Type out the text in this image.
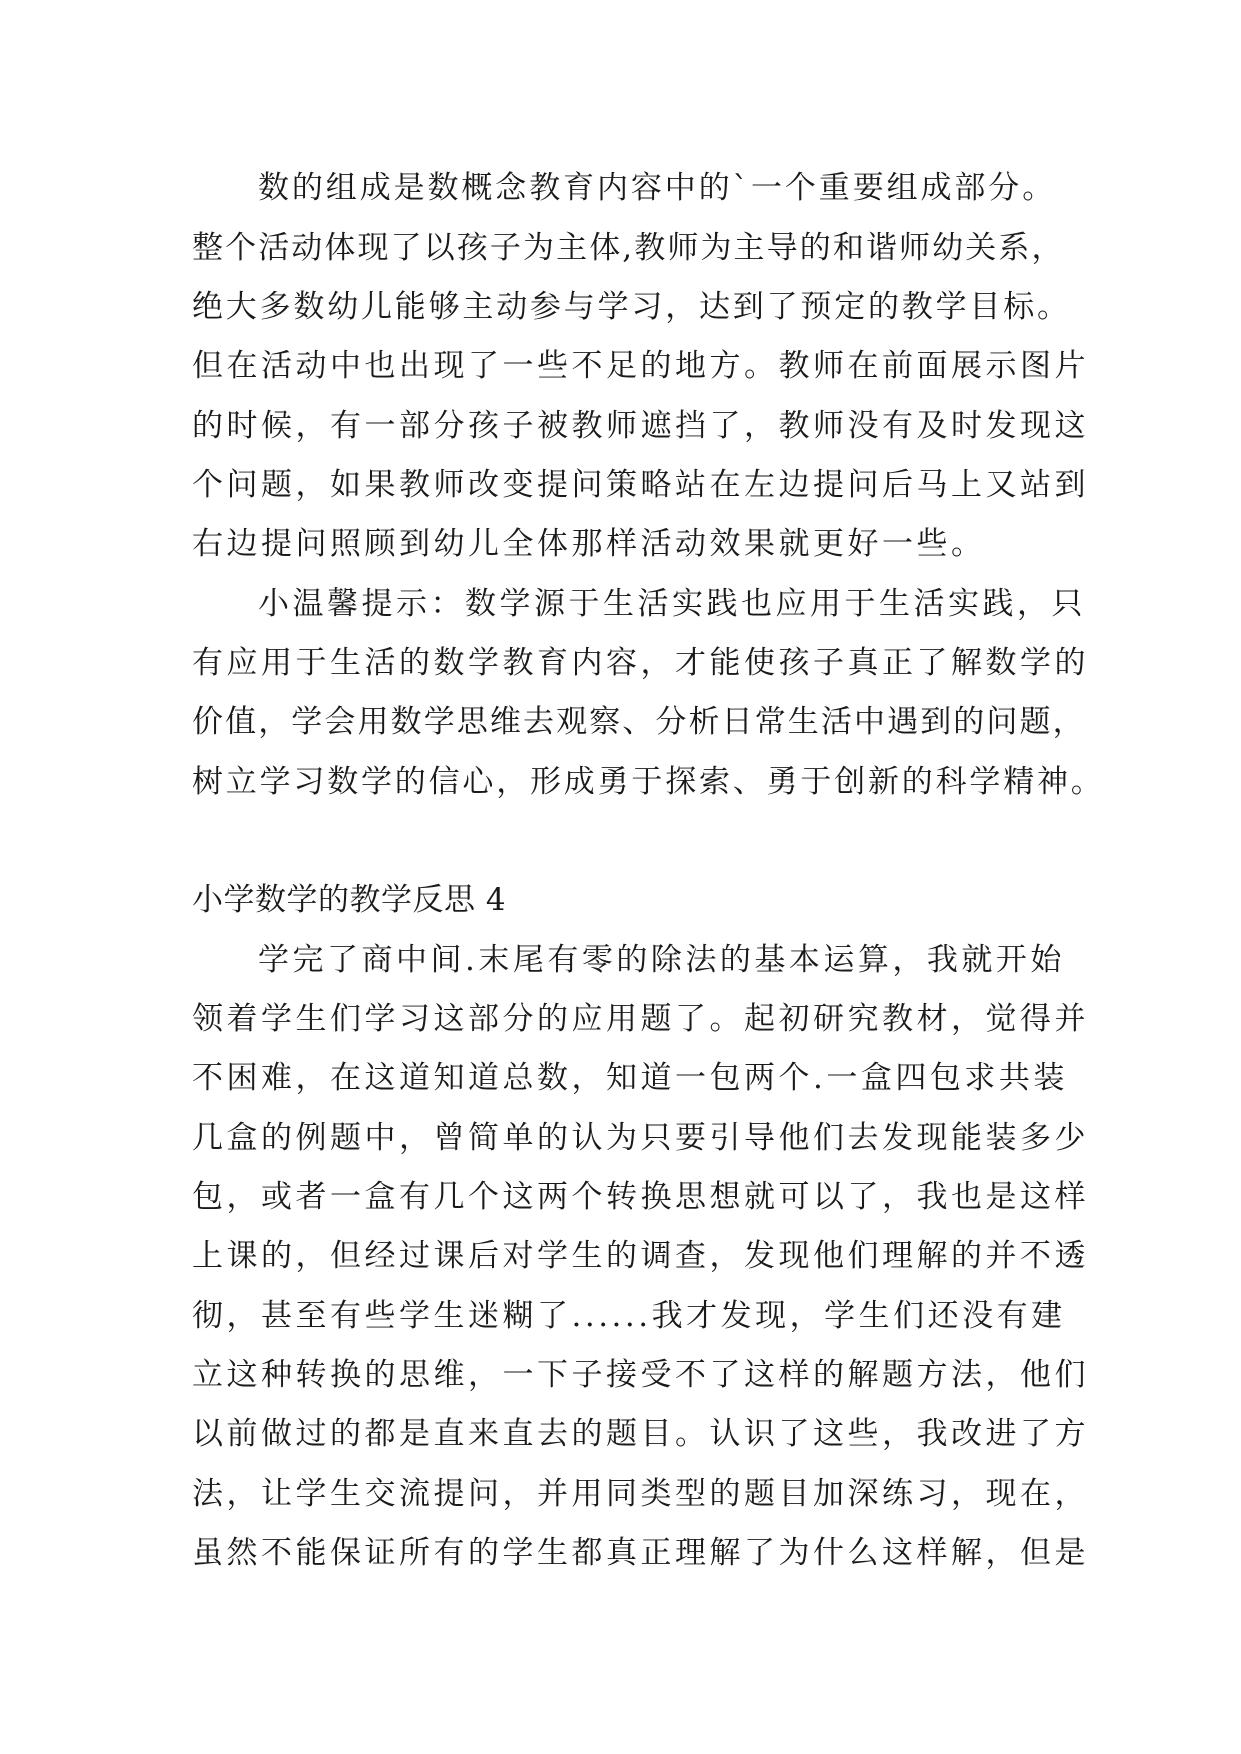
数的组成是数概念教育内容中的`一个重要组成部分。

整个活动体现了以孩子为主体,教师为主导的和谐师幼关系，

绝大多数幼儿能够主动参与学习，达到了预定的教学目标。

但在活动中也出现了一些不足的地方。教师在前面展示图片

的时候，有一部分孩子被教师遮挡了，教师没有及时发现这

个问题，如果教师改变提问策略站在左边提问后马上又站到

右边提问照顾到幼儿全体那样活动效果就更好一些。

小温馨提示：数学源于生活实践也应用于生活实践，只

有应用于生活的数学教育内容，才能使孩子真正了解数学的

价值，学会用数学思维去观察、分析日常生活中遇到的问题，

树立学习数学的信心，形成勇于探索、勇于创新的科学精神。

小学数学的教学反思 4

学完了商中间.末尾有零的除法的基本运算，我就开始

领着学生们学习这部分的应用题了。起初研究教材，觉得并

不困难，在这道知道总数，知道一包两个.一盒四包求共装

几盒的例题中，曾简单的认为只要引导他们去发现能装多少

包，或者一盒有几个这两个转换思想就可以了，我也是这样

上课的，但经过课后对学生的调查，发现他们理解的并不透

彻，甚至有些学生迷糊了......我才发现，学生们还没有建

立这种转换的思维，一下子接受不了这样的解题方法，他们

以前做过的都是直来直去的题目。认识了这些，我改进了方

法，让学生交流提问，并用同类型的题目加深练习，现在，

虽然不能保证所有的学生都真正理解了为什么这样解，但是
